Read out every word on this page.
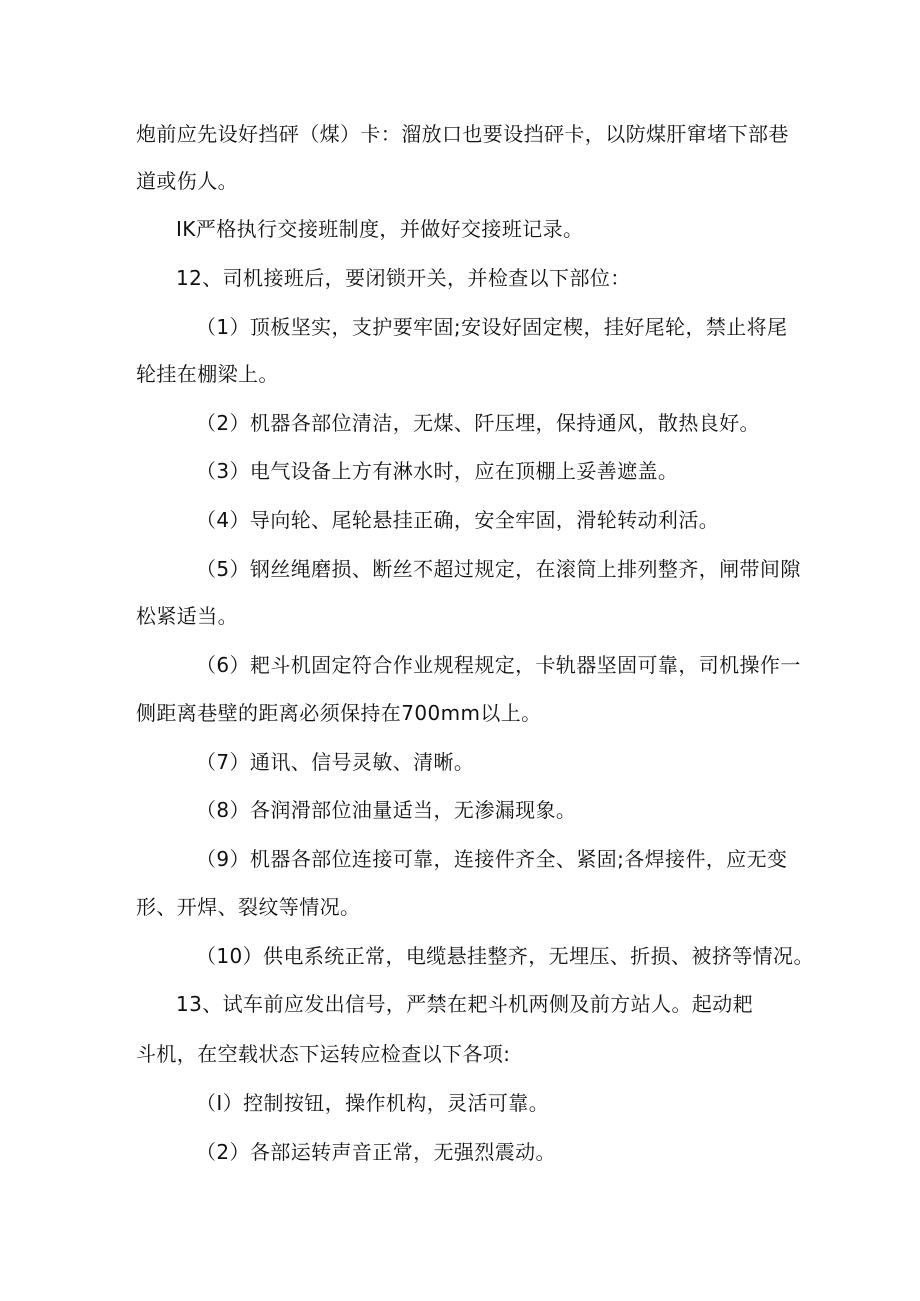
炮前应先设好挡砰（煤）卡：溜放口也要设挡砰卡，以防煤肝窜堵下部巷
道或伤人。
IK严格执行交接班制度，并做好交接班记录。
12、司机接班后，要闭锁开关，并检查以下部位：
（1）顶板坚实，支护要牢固;安设好固定楔，挂好尾轮，禁止将尾
轮挂在棚梁上。
（2）机器各部位清洁，无煤、阡压埋，保持通风，散热良好。
（3）电气设备上方有淋水时，应在顶棚上妥善遮盖。
（4）导向轮、尾轮悬挂正确，安全牢固，滑轮转动利活。
（5）钢丝绳磨损、断丝不超过规定，在滚筒上排列整齐，闸带间隙
松紧适当。
（6）耙斗机固定符合作业规程规定，卡轨器坚固可靠，司机操作一
侧距离巷壁的距离必须保持在700mm以上。
（7）通讯、信号灵敏、清晰。
（8）各润滑部位油量适当，无渗漏现象。
（9）机器各部位连接可靠，连接件齐全、紧固;各焊接件，应无变
形、开焊、裂纹等情况。
（10）供电系统正常，电缆悬挂整齐，无埋压、折损、被挤等情况。
13、试车前应发出信号，严禁在耙斗机两侧及前方站人。起动耙
斗机，在空载状态下运转应检查以下各项:
（I）控制按钮，操作机构，灵活可靠。
（2）各部运转声音正常，无强烈震动。
